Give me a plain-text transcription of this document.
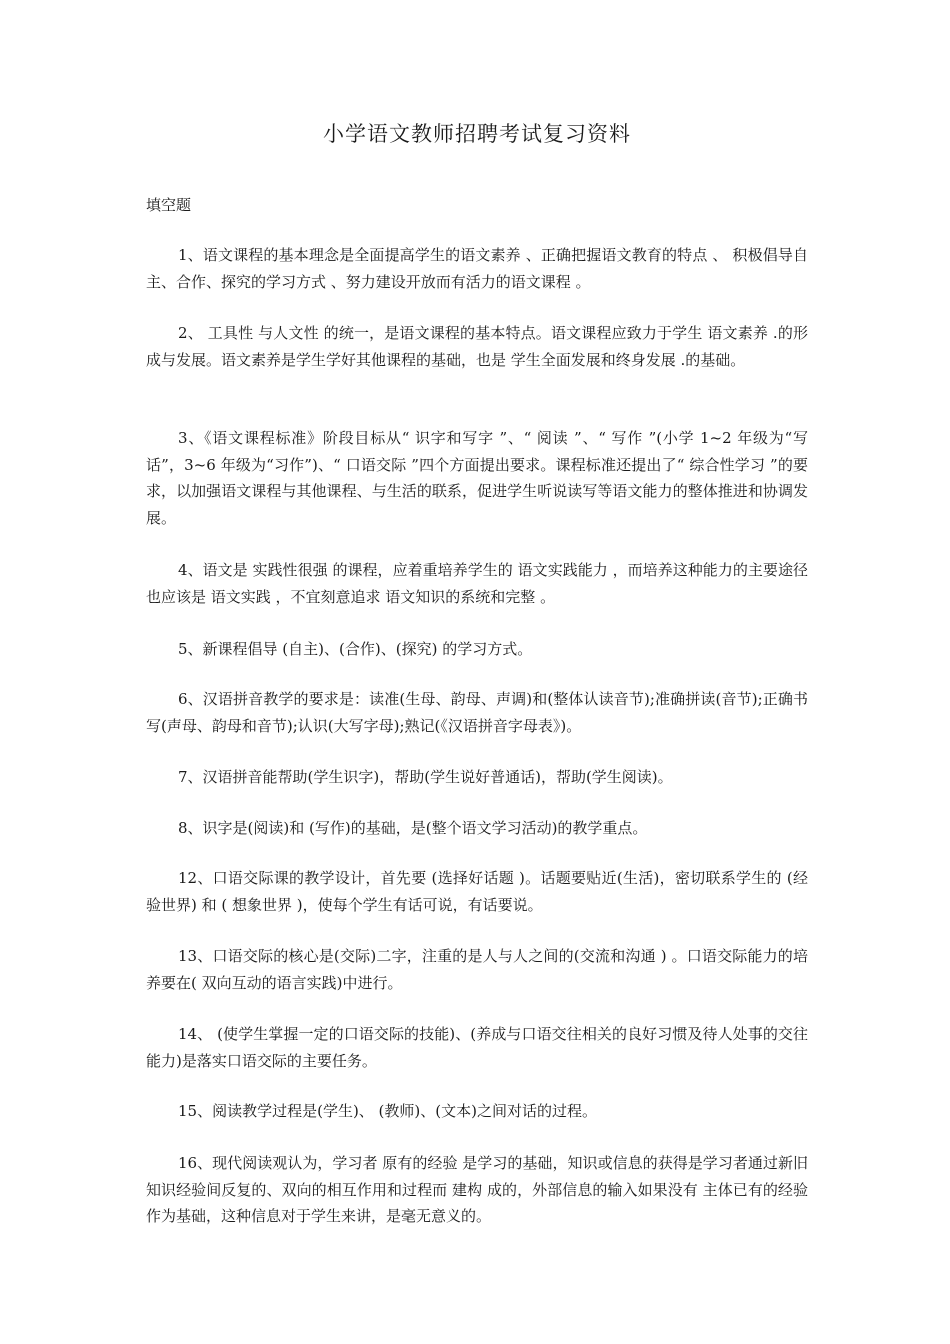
小学语文教师招聘考试复习资料

填空题

1、语文课程的基本理念是全面提高学生的语文素养 、正确把握语文教育的特点 、 积极倡导自主、合作、探究的学习方式 、努力建设开放而有活力的语文课程 。

2、 工具性 与人文性 的统一，是语文课程的基本特点。语文课程应致力于学生 语文素养 .的形成与发展。语文素养是学生学好其他课程的基础，也是 学生全面发展和终身发展 .的基础。

3、《语文课程标准》阶段目标从“ 识字和写字 ”、“ 阅读 ”、“ 写作 ”(小学 1~2 年级为“写话”，3~6 年级为“习作”)、“ 口语交际 ”四个方面提出要求。课程标准还提出了“ 综合性学习 ”的要求，以加强语文课程与其他课程、与生活的联系，促进学生听说读写等语文能力的整体推进和协调发展。

4、语文是 实践性很强 的课程，应着重培养学生的 语文实践能力 ，而培养这种能力的主要途径也应该是 语文实践 ，不宜刻意追求 语文知识的系统和完整 。

5、新课程倡导 (自主)、(合作)、(探究) 的学习方式。

6、汉语拼音教学的要求是：读准(生母、韵母、声调)和(整体认读音节);准确拼读(音节);正确书写(声母、韵母和音节);认识(大写字母);熟记(《汉语拼音字母表》)。

7、汉语拼音能帮助(学生识字)，帮助(学生说好普通话)，帮助(学生阅读)。

8、识字是(阅读)和 (写作)的基础，是(整个语文学习活动)的教学重点。

12、口语交际课的教学设计，首先要 (选择好话题 )。话题要贴近(生活)，密切联系学生的 (经验世界) 和 ( 想象世界 )，使每个学生有话可说，有话要说。

13、口语交际的核心是(交际)二字，注重的是人与人之间的(交流和沟通 ) 。口语交际能力的培养要在( 双向互动的语言实践)中进行。

14、 (使学生掌握一定的口语交际的技能)、(养成与口语交往相关的良好习惯及待人处事的交往能力)是落实口语交际的主要任务。

15、阅读教学过程是(学生)、 (教师)、(文本)之间对话的过程。

16、现代阅读观认为，学习者 原有的经验 是学习的基础，知识或信息的获得是学习者通过新旧知识经验间反复的、双向的相互作用和过程而 建构 成的，外部信息的输入如果没有 主体已有的经验 作为基础，这种信息对于学生来讲，是毫无意义的。
